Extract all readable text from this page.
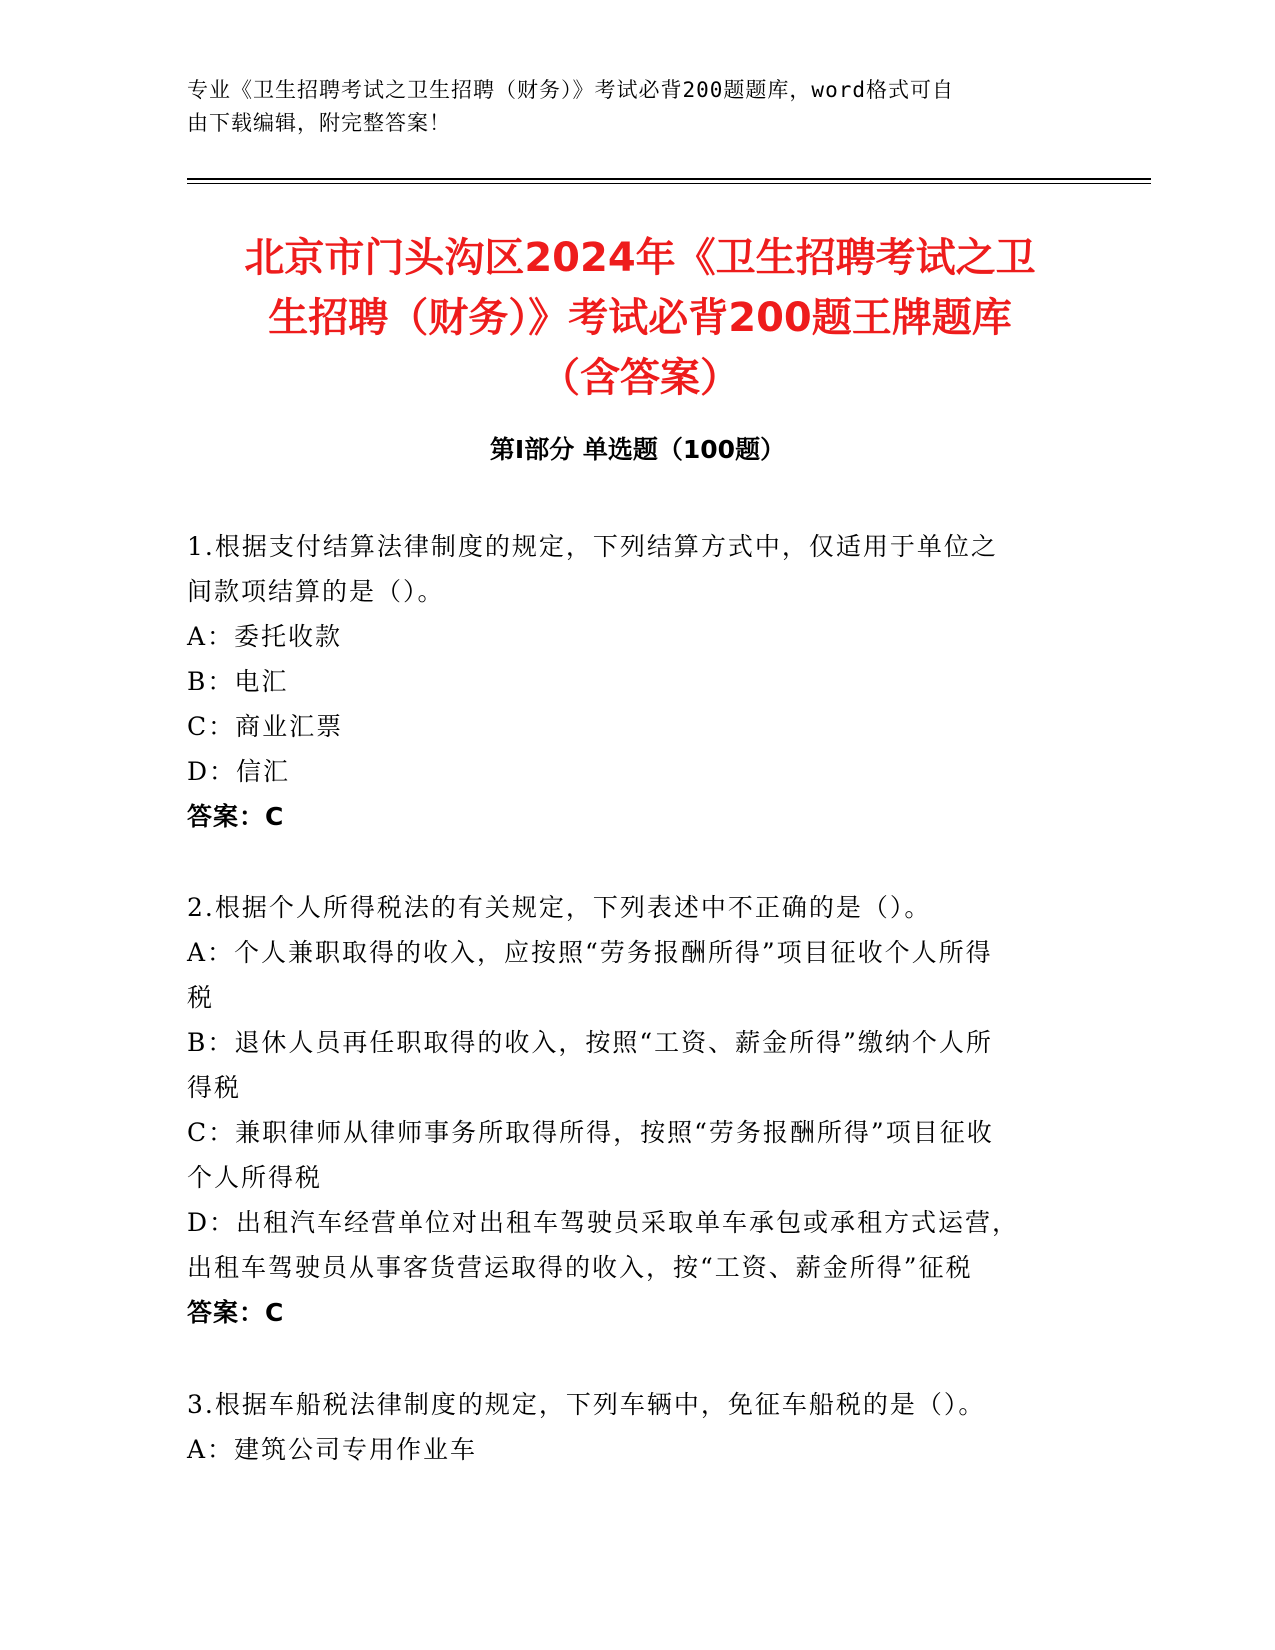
专业《卫生招聘考试之卫生招聘（财务）》考试必背200题题库，word格式可自

由下载编辑，附完整答案！

北京市门头沟区2024年《卫生招聘考试之卫

生招聘（财务）》考试必背200题王牌题库

（含答案）

第Ⅰ部分 单选题（100题）

1.根据支付结算法律制度的规定，下列结算方式中，仅适用于单位之

间款项结算的是（）。

A：委托收款

B：电汇

C：商业汇票

D：信汇

答案：C

2.根据个人所得税法的有关规定，下列表述中不正确的是（）。

A：个人兼职取得的收入，应按照“劳务报酬所得”项目征收个人所得

税

B：退休人员再任职取得的收入，按照“工资、薪金所得”缴纳个人所

得税

C：兼职律师从律师事务所取得所得，按照“劳务报酬所得”项目征收

个人所得税

D：出租汽车经营单位对出租车驾驶员采取单车承包或承租方式运营，

出租车驾驶员从事客货营运取得的收入，按“工资、薪金所得”征税

答案：C

3.根据车船税法律制度的规定，下列车辆中，免征车船税的是（）。

A：建筑公司专用作业车
